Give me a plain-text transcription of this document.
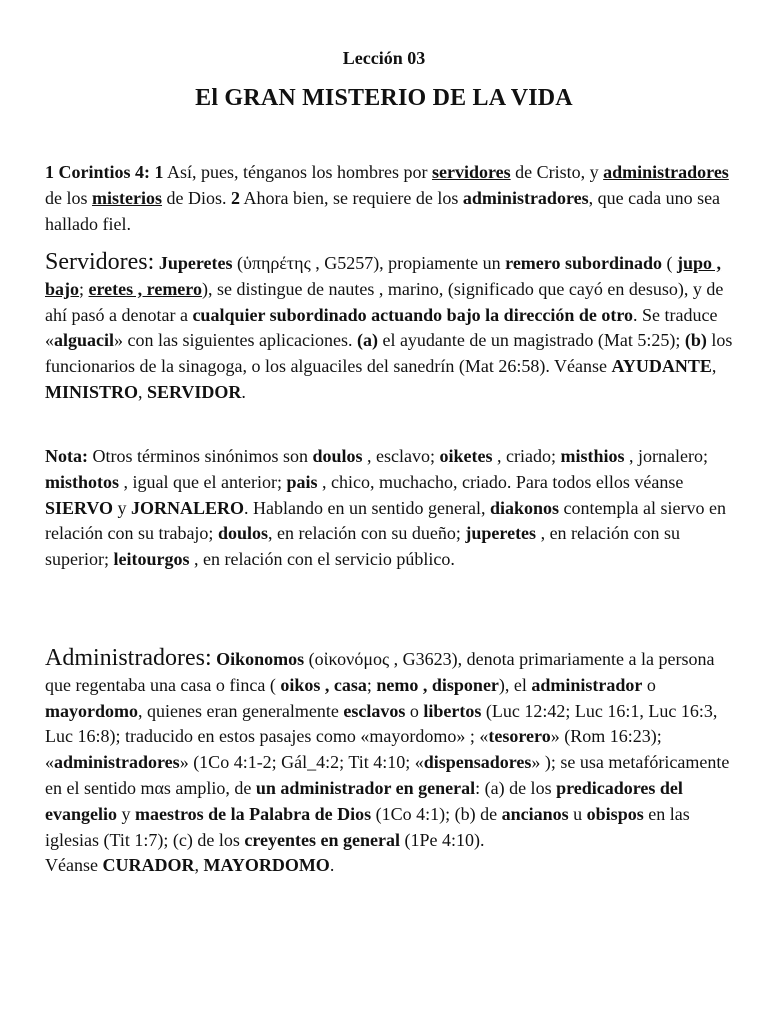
Lección 03
El GRAN MISTERIO DE LA VIDA
1 Corintios 4: 1 Así, pues, ténganos los hombres por servidores de Cristo, y administradores de los misterios de Dios. 2 Ahora bien, se requiere de los administradores, que cada uno sea hallado fiel.
Servidores: Juperetes (ὑπηρέτης , G5257), propiamente un remero subordinado ( jupo , bajo; eretes , remero), se distingue de nautes , marino, (significado que cayó en desuso), y de ahí pasó a denotar a cualquier subordinado actuando bajo la dirección de otro. Se traduce «alguacil» con las siguientes aplicaciones. (a) el ayudante de un magistrado (Mat 5:25); (b) los funcionarios de la sinagoga, o los alguaciles del sanedrín (Mat 26:58). Véanse AYUDANTE, MINISTRO, SERVIDOR.
Nota: Otros términos sinónimos son doulos , esclavo; oiketes , criado; misthios , jornalero; misthotos , igual que el anterior; pais , chico, muchacho, criado. Para todos ellos véanse SIERVO y JORNALERO. Hablando en un sentido general, diakonos contempla al siervo en relación con su trabajo; doulos, en relación con su dueño; juperetes , en relación con su superior; leitourgos , en relación con el servicio público.
Administradores: Oikonomos (οἰκονόμος , G3623), denota primariamente a la persona que regentaba una casa o finca ( oikos , casa; nemo , disponer), el administrador o mayordomo, quienes eran generalmente esclavos o libertos (Luc 12:42; Luc 16:1, Luc 16:3, Luc 16:8); traducido en estos pasajes como «mayordomo» ; «tesorero» (Rom 16:23); «administradores» (1Co 4:1-2; Gál_4:2; Tit 4:10; «dispensadores» ); se usa metafóricamente en el sentido mαs amplio, de un administrador en general: (a) de los predicadores del evangelio y maestros de la Palabra de Dios (1Co 4:1); (b) de ancianos u obispos en las iglesias (Tit 1:7); (c) de los creyentes en general (1Pe 4:10).
Véanse CURADOR, MAYORDOMO.
